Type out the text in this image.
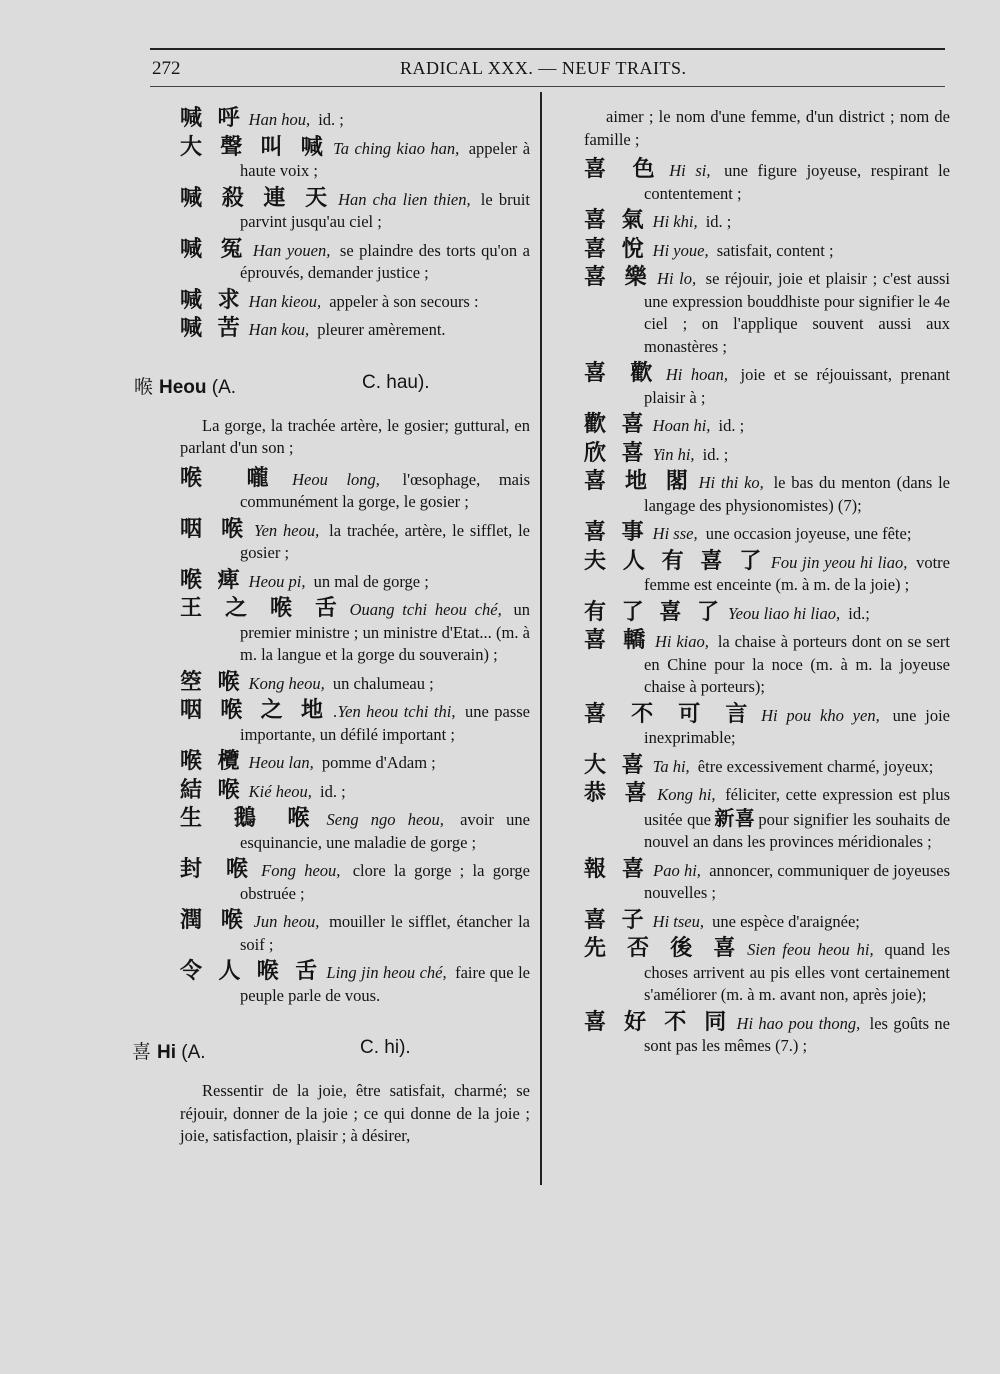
272	RADICAL XXX. — NEUF TRAITS.
喊 呼 Han hou, id. ;
大 聲 叫 喊 Ta ching kiao han, appeler à haute voix ;
喊 殺 連 天 Han cha lien thien, le bruit parvint jusqu'au ciel ;
喊 冤 Han youen, se plaindre des torts qu'on a éprouvés, demander justice ;
喊 求 Han kieou, appeler à son secours :
喊 苦 Han kou, pleurer amèrement.
喉 Heou (A.	C. hau).

La gorge, la trachée artère, le gosier; guttural, en parlant d'un son ;

喉 嚨 Heou long, l'œsophage, mais communément la gorge, le gosier ;
咽 喉 Yen heou, la trachée, artère, le sifflet, le gosier ;
喉 痺 Heou pi, un mal de gorge ;
王 之 喉 舌 Ouang tchi heou ché, un premier ministre ; un ministre d'Etat... (m. à m. la langue et la gorge du souverain) ;
箜 喉 Kong heou, un chalumeau ;
咽 喉 之 地 .Yen heou tchi thi, une passe importante, un défilé important ;
喉 欖 Heou lan, pomme d'Adam ;
結 喉 Kié heou, id. ;
生 鵝 喉 Seng ngo heou, avoir une esquinancie, une maladie de gorge ;
封 喉 Fong heou, clore la gorge ; la gorge obstruée ;
潤 喉 Jun heou, mouiller le sifflet, étancher la soif ;
令 人 喉 舌 Ling jin heou ché, faire que le peuple parle de vous.
喜 Hi (A.	C. hi).

Ressentir de la joie, être satisfait, charmé; se réjouir, donner de la joie ; ce qui donne de la joie ; joie, satisfaction, plaisir ; à désirer,

aimer ; le nom d'une femme, d'un district ; nom de famille ;

喜 色 Hi si, une figure joyeuse, respirant le contentement ;
喜 氣 Hi khi, id. ;
喜 悅 Hi youe, satisfait, content ;
喜 樂 Hi lo, se réjouir, joie et plaisir ; c'est aussi une expression bouddhiste pour signifier le 4e ciel ; on l'applique souvent aussi aux monastères ;
喜 歡 Hi hoan, joie et se réjouissant, prenant plaisir à ;
歡 喜 Hoan hi, id. ;
欣 喜 Yin hi, id. ;
喜 地 閣 Hi thi ko, le bas du menton (dans le langage des physionomistes) (7);
喜 事 Hi sse, une occasion joyeuse, une fête;
夫 人 有 喜 了 Fou jin yeou hi liao, votre femme est enceinte (m. à m. de la joie) ;
有 了 喜 了 Yeou liao hi liao, id.;
喜 轎 Hi kiao, la chaise à porteurs dont on se sert en Chine pour la noce (m. à m. la joyeuse chaise à porteurs);
喜 不 可 言 Hi pou kho yen, une joie inexprimable;
大 喜 Ta hi, être excessivement charmé, joyeux;
恭 喜 Kong hi, féliciter, cette expression est plus usitée que 新喜 pour signifier les souhaits de nouvel an dans les provinces méridionales ;
報 喜 Pao hi, annoncer, communiquer de joyeuses nouvelles ;
喜 子 Hi tseu, une espèce d'araignée;
先 否 後 喜 Sien feou heou hi, quand les choses arrivent au pis elles vont certainement s'améliorer (m. à m. avant non, après joie);
喜 好 不 同 Hi hao pou thong, les goûts ne sont pas les mêmes (7.) ;
